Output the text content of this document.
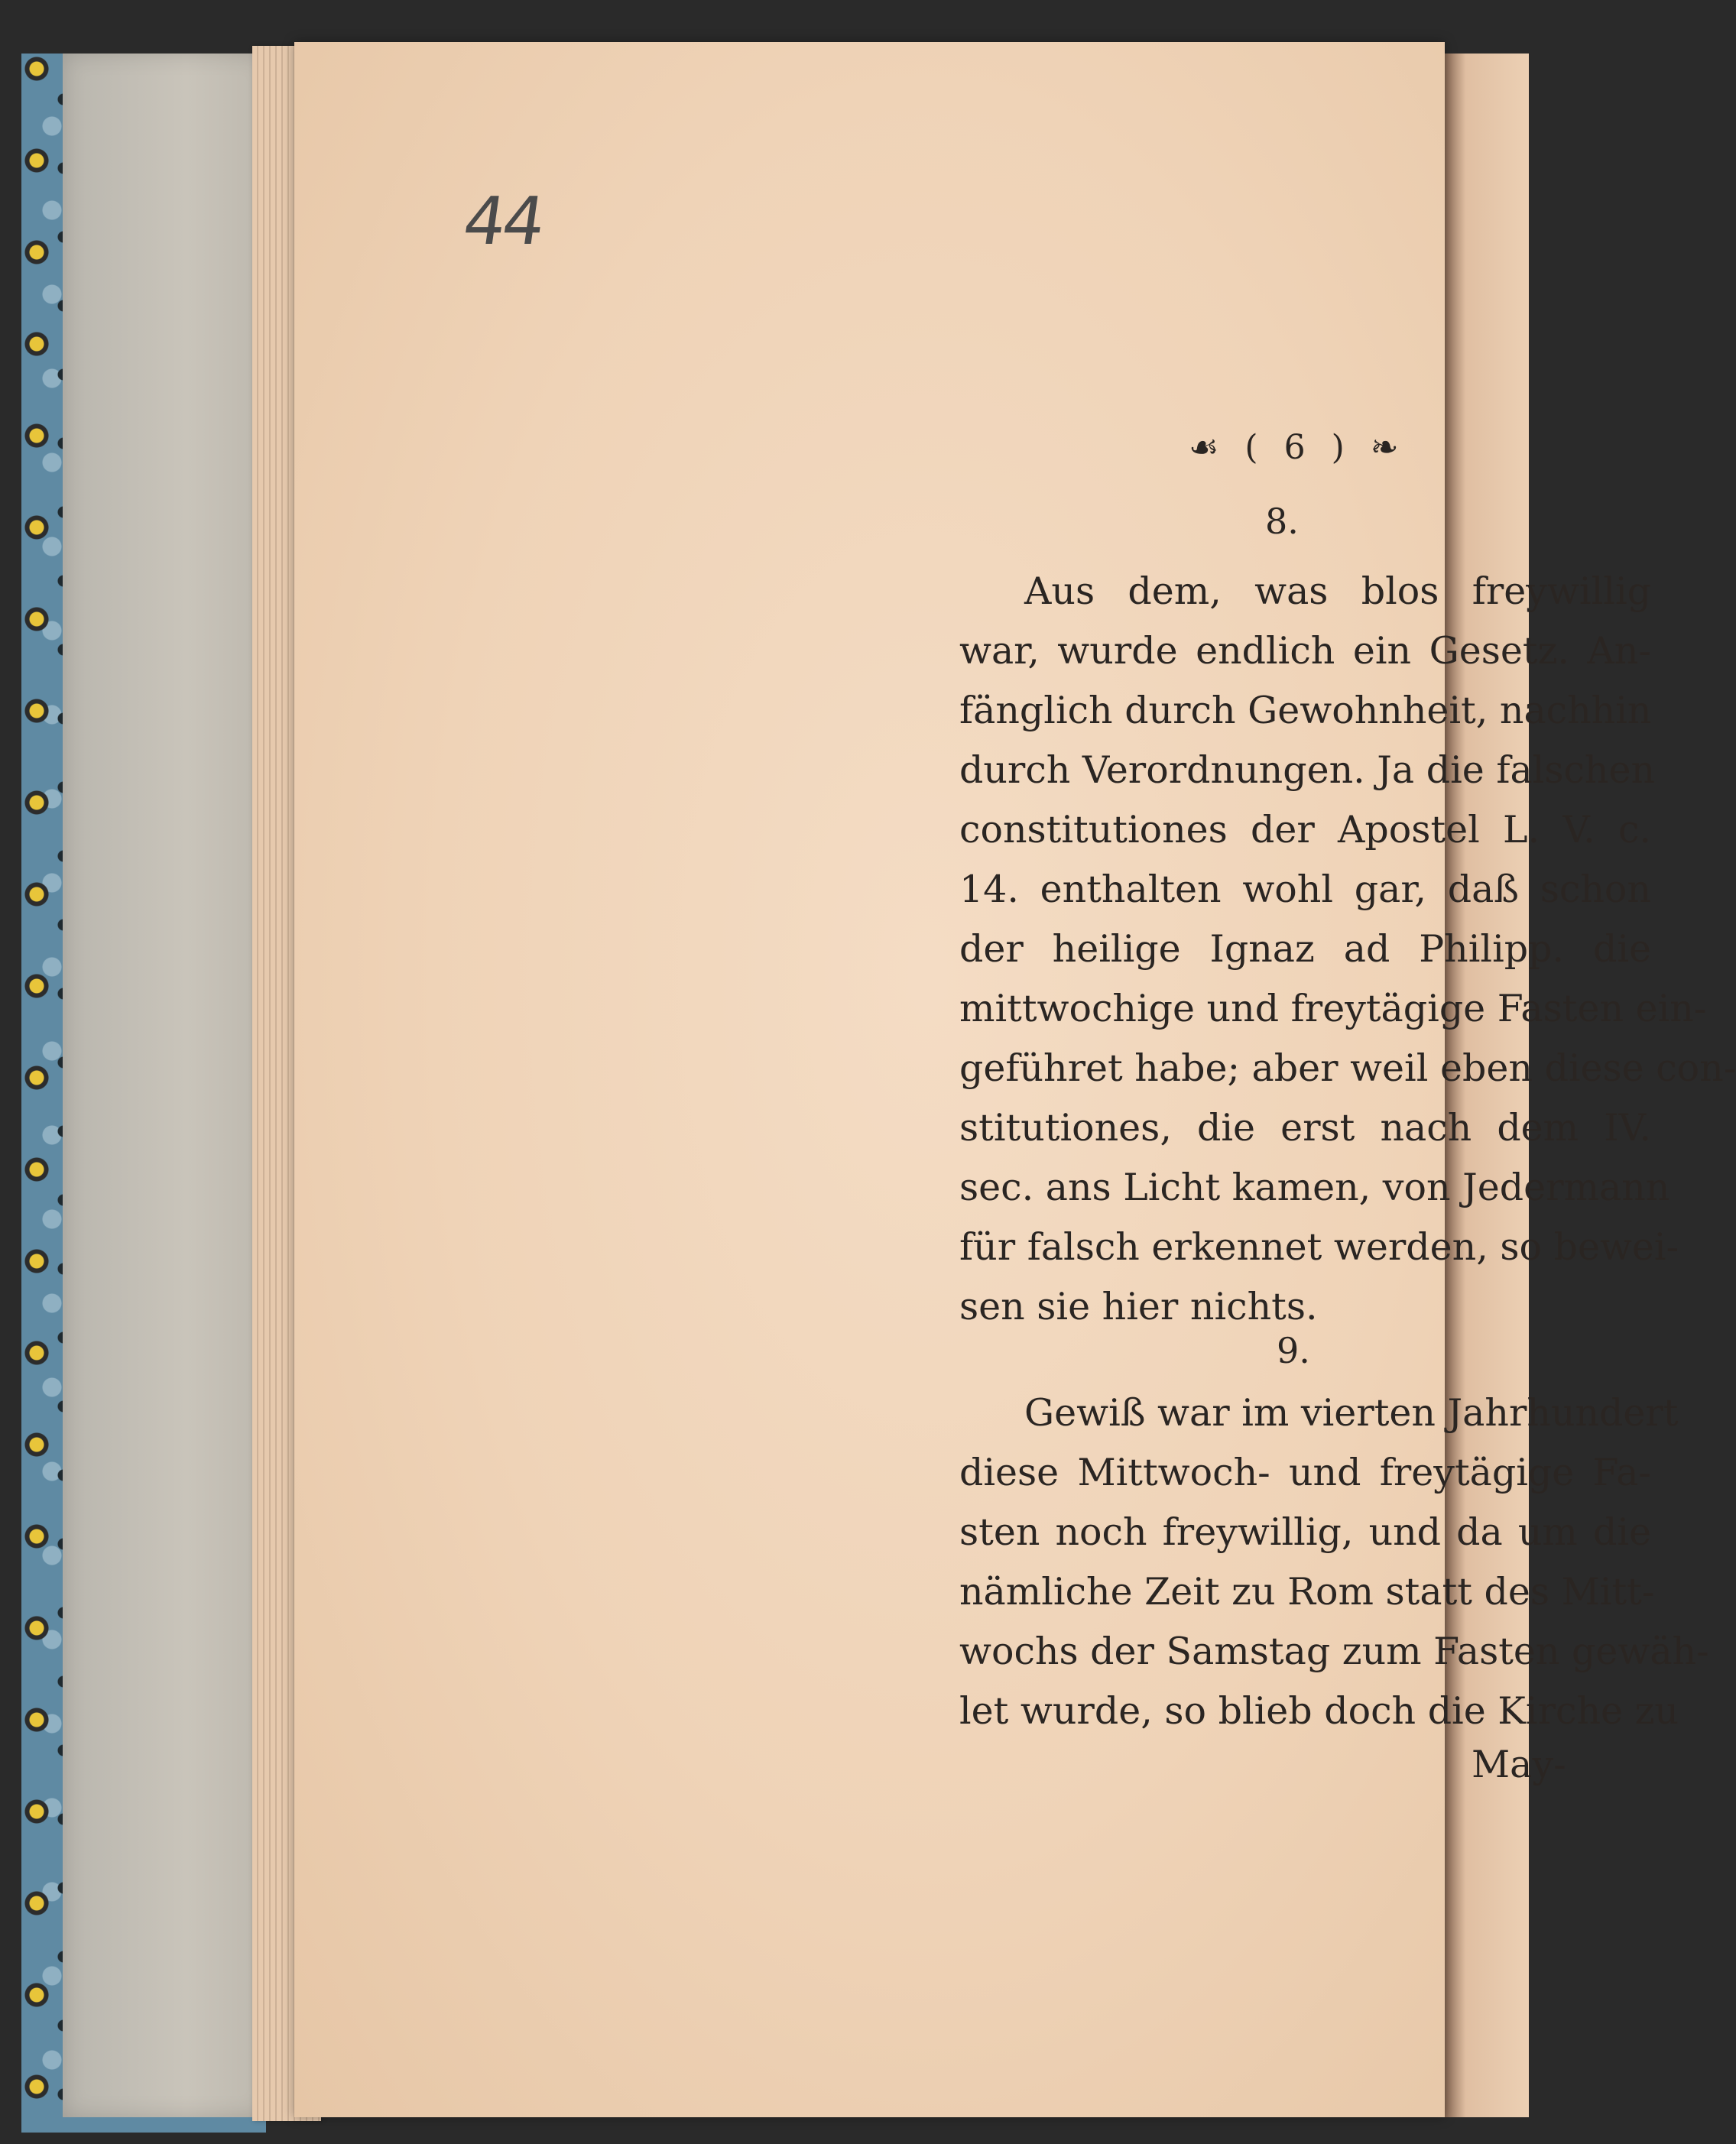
44
☙ ( 6 ) ❧
8.
Aus dem, was blos freywillig
war, wurde endlich ein Gesetz. An-
fänglich durch Gewohnheit, nachhin
durch Verordnungen. Ja die falschen
constitutiones der Apostel L. V. c.
14. enthalten wohl gar, daß schon
der heilige Ignaz ad Philipp. die
mittwochige und freytägige Fasten ein-
geführet habe; aber weil eben diese con-
stitutiones, die erst nach dem IV.
sec. ans Licht kamen, von Jedermann
für falsch erkennet werden, so bewei-
sen sie hier nichts.
9.
Gewiß war im vierten Jahrhundert
diese Mittwoch- und freytägige Fa-
sten noch freywillig, und da um die
nämliche Zeit zu Rom statt des Mitt-
wochs der Samstag zum Fasten gewäh-
let wurde, so blieb doch die Kirche zu
May-
